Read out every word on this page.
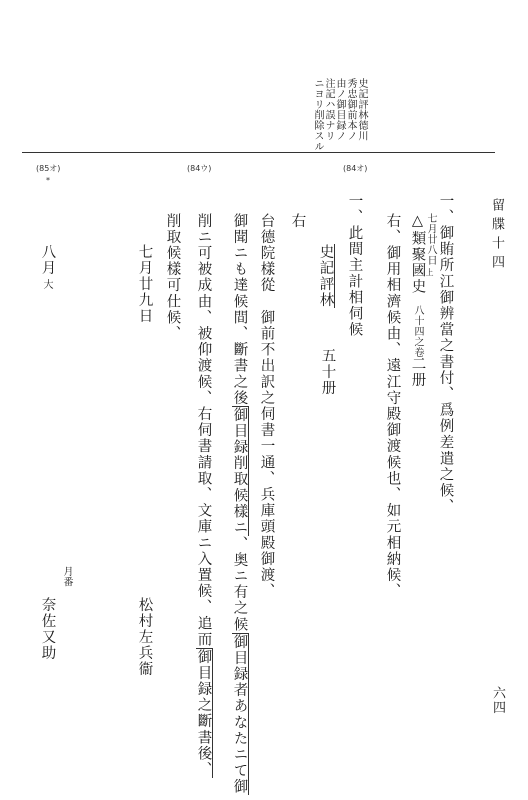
留牒十四
六四
史記評林德川
秀忠御前本ノ
由ノ御目録ノ
注記ハ誤ナリ
ニヨリ削除スル
(85オ)
*
(84ウ)	(84オ)
一、御賄所江御辨當之書付、爲例差遣之候、
七月廿八日
上
△類聚國史
八十四之卷
二册
右、御用相濟候由、遠江守殿御渡候也、如元相納候、
一、此間主計相伺候
史記評林
五十册
右
台德院樣從　御前不出訳之伺書一通、兵庫頭殿御渡、
御聞ニも達候間、斷書之後御目録削取候樣ニ、奥ニ有之候御目録者あなたニて御
削ニ可被成由、被仰渡候、右伺書請取、文庫ニ入置候、追而御目録之斷書後、
削取候樣可仕候、
七月廿九日
松村左兵衞
八月
大
月番
奈佐又助
